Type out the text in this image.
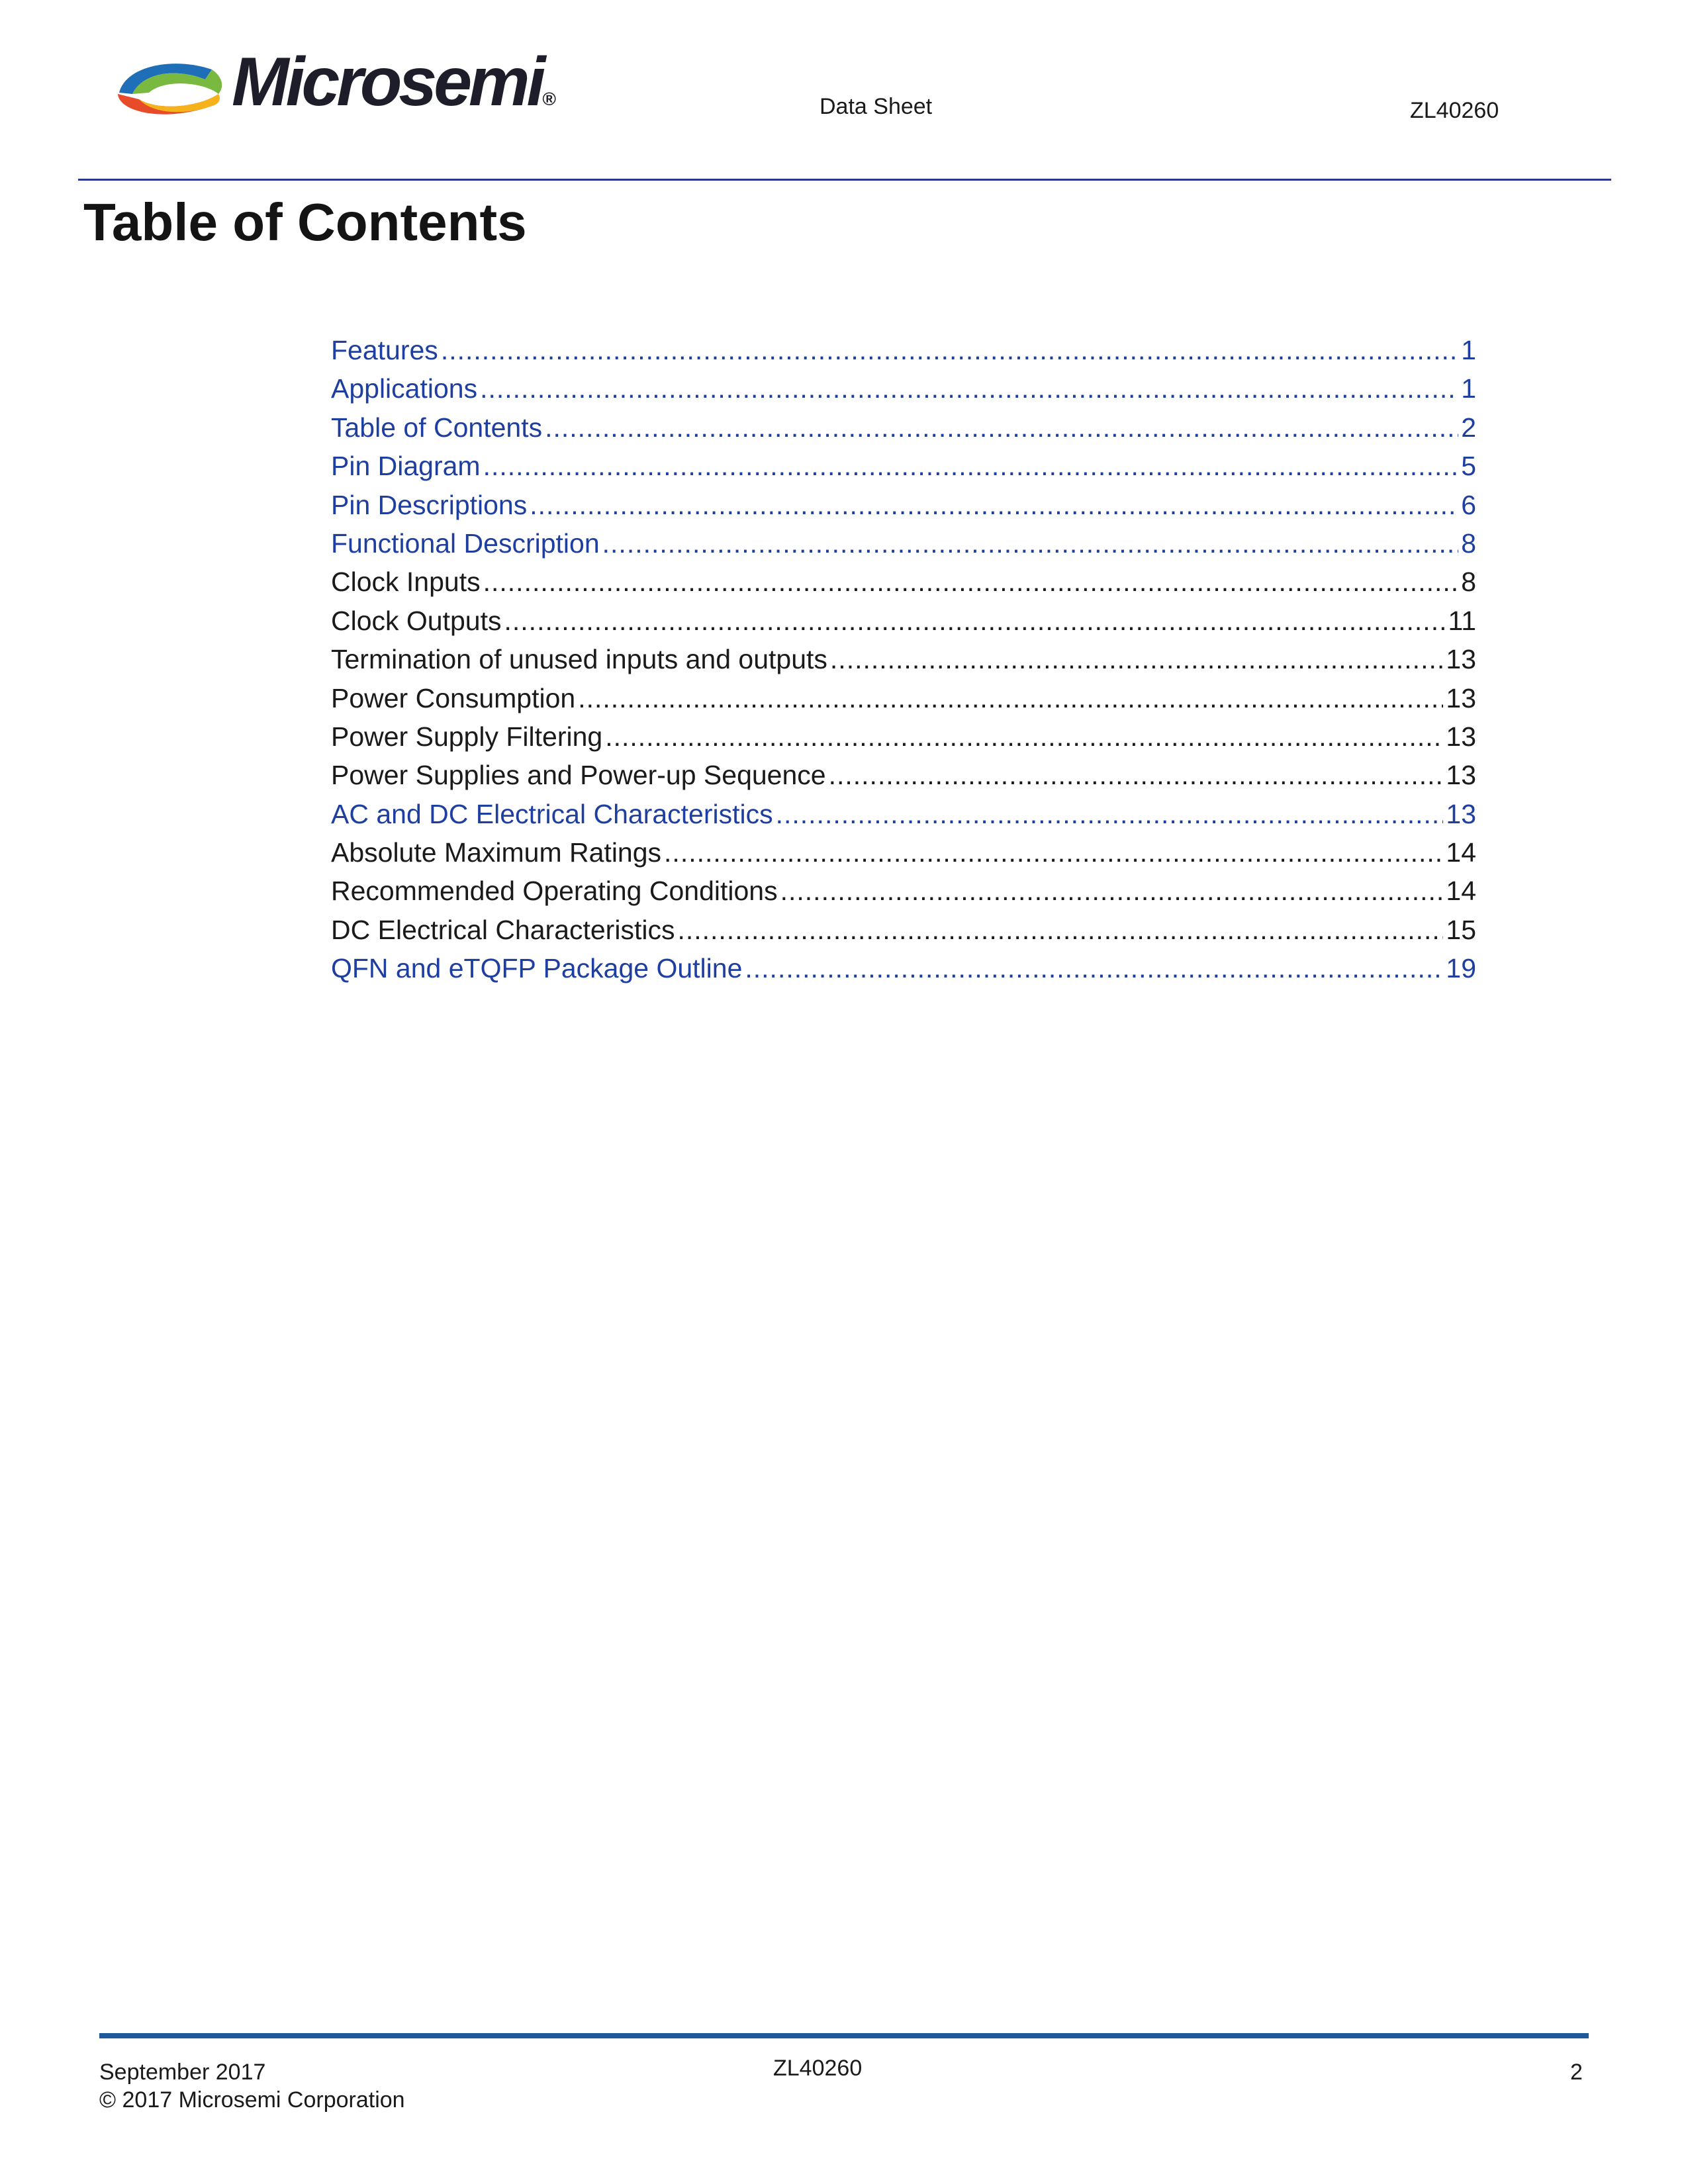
Microsemi®	Data Sheet	ZL40260
Table of Contents
Features .....	1
Applications .....	1
Table of Contents .....	2
Pin Diagram .....	5
Pin Descriptions .....	6
Functional Description .....	8
Clock Inputs .....	8
Clock Outputs .....	11
Termination of unused inputs and outputs .....	13
Power Consumption .....	13
Power Supply Filtering .....	13
Power Supplies and Power-up Sequence .....	13
AC and DC Electrical Characteristics .....	13
Absolute Maximum Ratings .....	14
Recommended Operating Conditions .....	14
DC Electrical Characteristics .....	15
QFN and eTQFP Package Outline .....	19
September 2017
© 2017 Microsemi Corporation
ZL40260	2
